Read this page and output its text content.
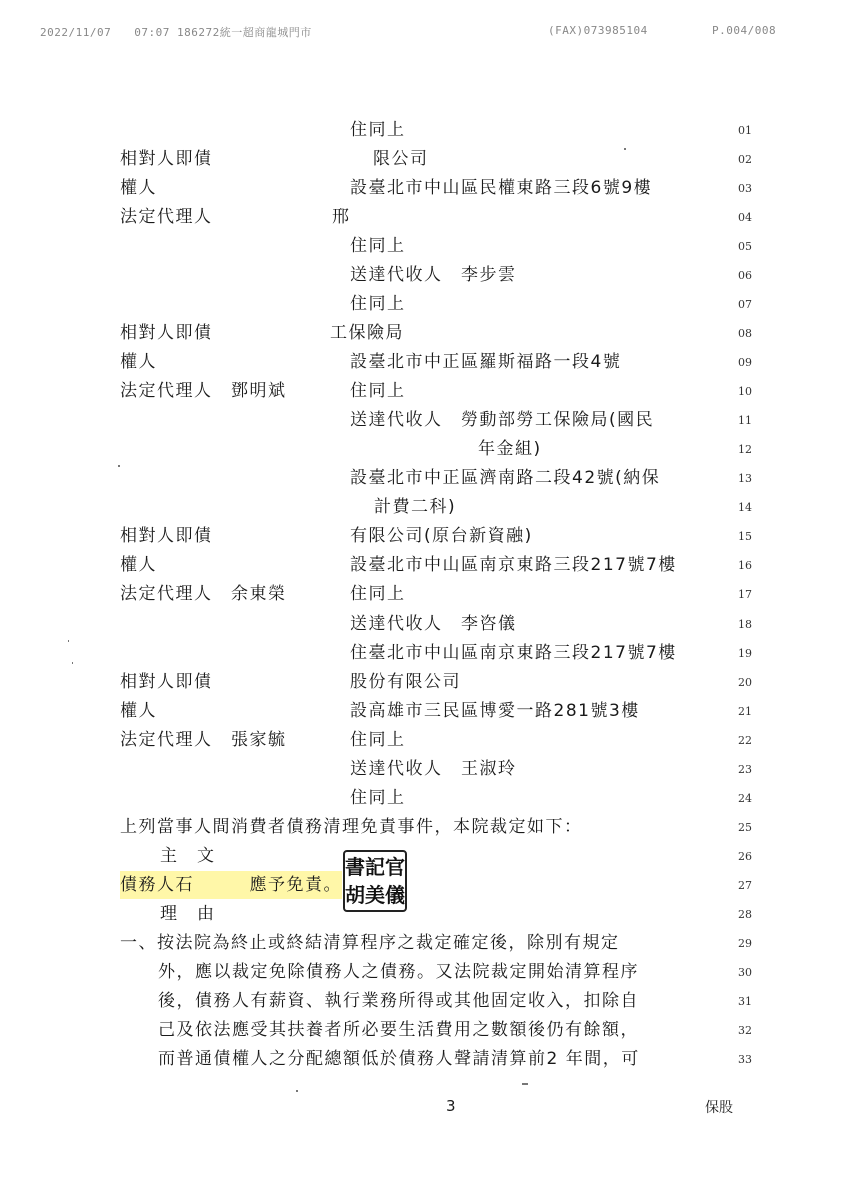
2022/11/07　　07:07 186272統一超商龍城門市	(FAX)073985104	P.004/008
住同上	01
相對人即債	限公司	02
權人	設臺北市中山區民權東路三段6號9樓	03
法定代理人	邢	04
住同上	05
送達代收人　李步雲	06
住同上	07
相對人即債	工保險局	08
權人	設臺北市中正區羅斯福路一段4號	09
法定代理人　鄧明斌	住同上	10
送達代收人　勞動部勞工保險局(國民	11
年金組)	12
設臺北市中正區濟南路二段42號(納保	13
計費二科)	14
相對人即債	有限公司(原台新資融)	15
權人	設臺北市中山區南京東路三段217號7樓	16
法定代理人　余東榮	住同上	17
送達代收人　李咨儀	18
住臺北市中山區南京東路三段217號7樓	19
相對人即債	股份有限公司	20
權人	設高雄市三民區博愛一路281號3樓	21
法定代理人　張家毓	住同上	22
送達代收人　王淑玲	23
住同上	24
上列當事人間消費者債務清理免責事件，本院裁定如下：	25
主　文	26
債務人石　　　應予免責。	27
理　由	28
一、按法院為終止或終結清算程序之裁定確定後，除別有規定	29
外，應以裁定免除債務人之債務。又法院裁定開始清算程序	30
後，債務人有薪資、執行業務所得或其他固定收入，扣除自	31
己及依法應受其扶養者所必要生活費用之數額後仍有餘額，	32
而普通債權人之分配總額低於債務人聲請清算前2 年間，可	33
書記官
胡美儀
3	保股
